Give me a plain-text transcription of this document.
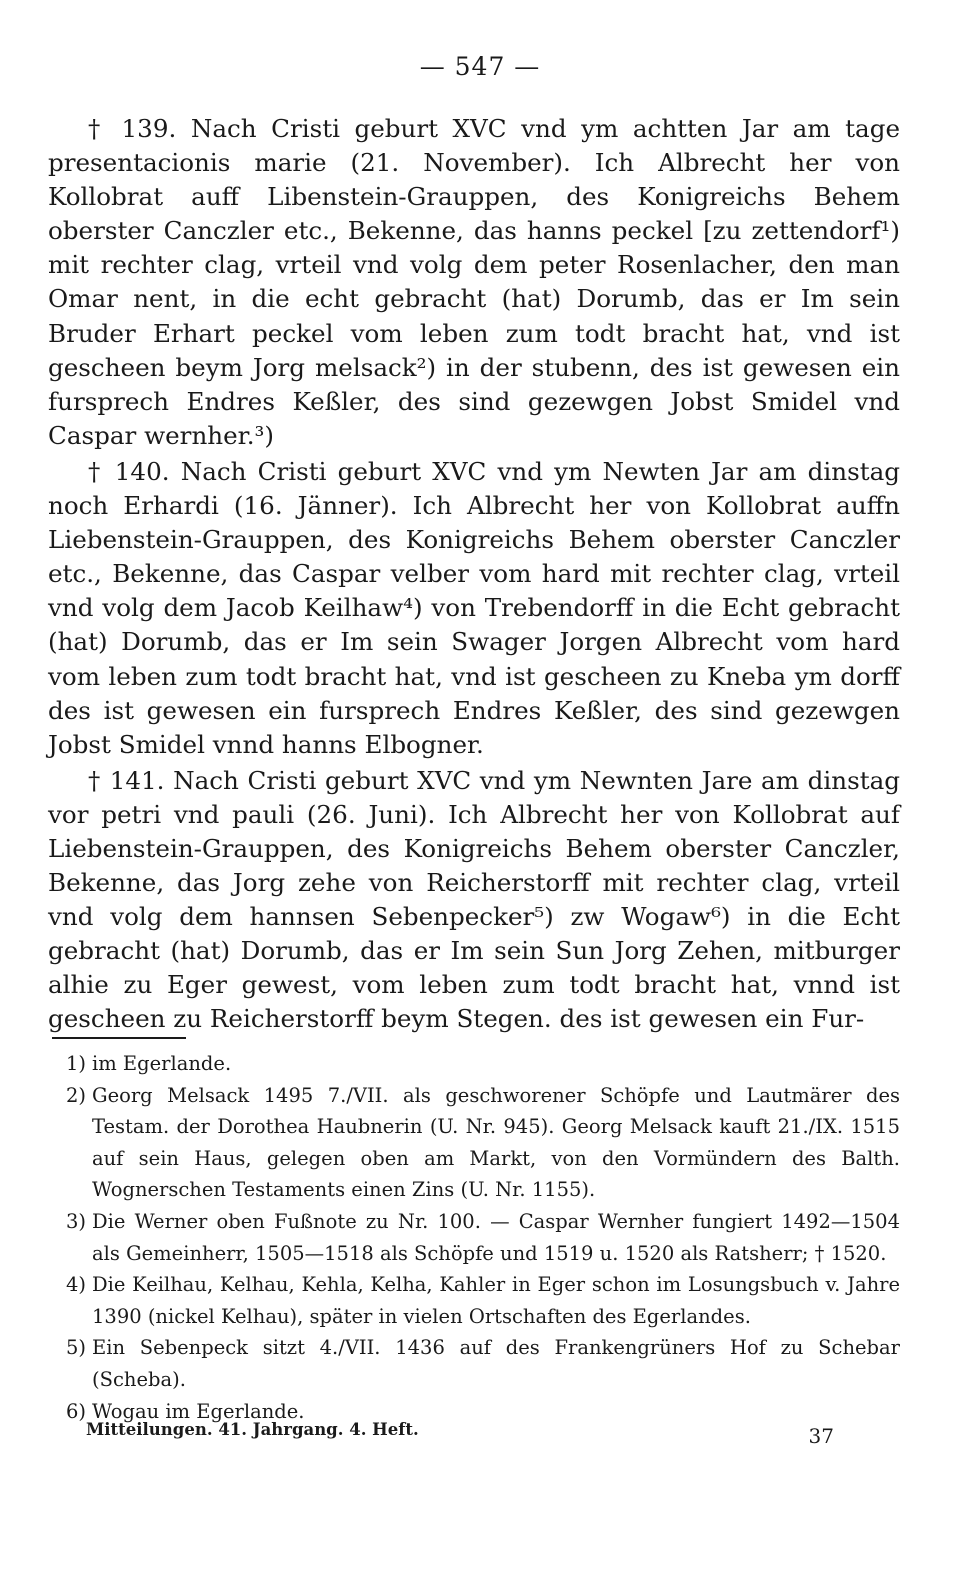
— 547 —

† 139. Nach Cristi geburt XVC vnd ym achtten Jar am tage presentacionis marie (21. November). Ich Albrecht her von Kollobrat auff Libenstein-Grauppen, des Konigreichs Behem oberster Canczler etc., Bekenne, das hanns peckel [zu zettendorf¹) mit rechter clag, vrteil vnd volg dem peter Rosenlacher, den man Omar nent, in die echt gebracht (hat) Dorumb, das er Im sein Bruder Erhart peckel vom leben zum todt bracht hat, vnd ist gescheen beym Jorg melsack²) in der stubenn, des ist gewesen ein fursprech Endres Keßler, des sind gezewgen Jobst Smidel vnd Caspar wernher.³)

† 140. Nach Cristi geburt XVC vnd ym Newten Jar am dinstag noch Erhardi (16. Jänner). Ich Albrecht her von Kollobrat auffn Liebenstein-Grauppen, des Konigreichs Behem oberster Canczler etc., Bekenne, das Caspar velber vom hard mit rechter clag, vrteil vnd volg dem Jacob Keilhaw⁴) von Trebendorff in die Echt gebracht (hat) Dorumb, das er Im sein Swager Jorgen Albrecht vom hard vom leben zum todt bracht hat, vnd ist gescheen zu Kneba ym dorff des ist gewesen ein fursprech Endres Keßler, des sind gezewgen Jobst Smidel vnnd hanns Elbogner.

† 141. Nach Cristi geburt XVC vnd ym Newnten Jare am dinstag vor petri vnd pauli (26. Juni). Ich Albrecht her von Kollobrat auf Liebenstein-Grauppen, des Konigreichs Behem oberster Canczler, Bekenne, das Jorg zehe von Reicherstorff mit rechter clag, vrteil vnd volg dem hannsen Sebenpecker⁵) zw Wogaw⁶) in die Echt gebracht (hat) Dorumb, das er Im sein Sun Jorg Zehen, mitburger alhie zu Eger gewest, vom leben zum todt bracht hat, vnnd ist gescheen zu Reicherstorff beym Stegen. des ist gewesen ein Fur-

1) im Egerlande.
2) Georg Melsack 1495 7./VII. als geschworener Schöpfe und Lautmärer des Testam. der Dorothea Haubnerin (U. Nr. 945). Georg Melsack kauft 21./IX. 1515 auf sein Haus, gelegen oben am Markt, von den Vormündern des Balth. Wognerschen Testaments einen Zins (U. Nr. 1155).
3) Die Werner oben Fußnote zu Nr. 100. — Caspar Wernher fungiert 1492—1504 als Gemeinherr, 1505—1518 als Schöpfe und 1519 u. 1520 als Ratsherr; † 1520.
4) Die Keilhau, Kelhau, Kehla, Kelha, Kahler in Eger schon im Losungsbuch v. Jahre 1390 (nickel Kelhau), später in vielen Ortschaften des Egerlandes.
5) Ein Sebenpeck sitzt 4./VII. 1436 auf des Frankengrüners Hof zu Schebar (Scheba).
6) Wogau im Egerlande.
Mitteilungen. 41. Jahrgang. 4. Heft.	37
